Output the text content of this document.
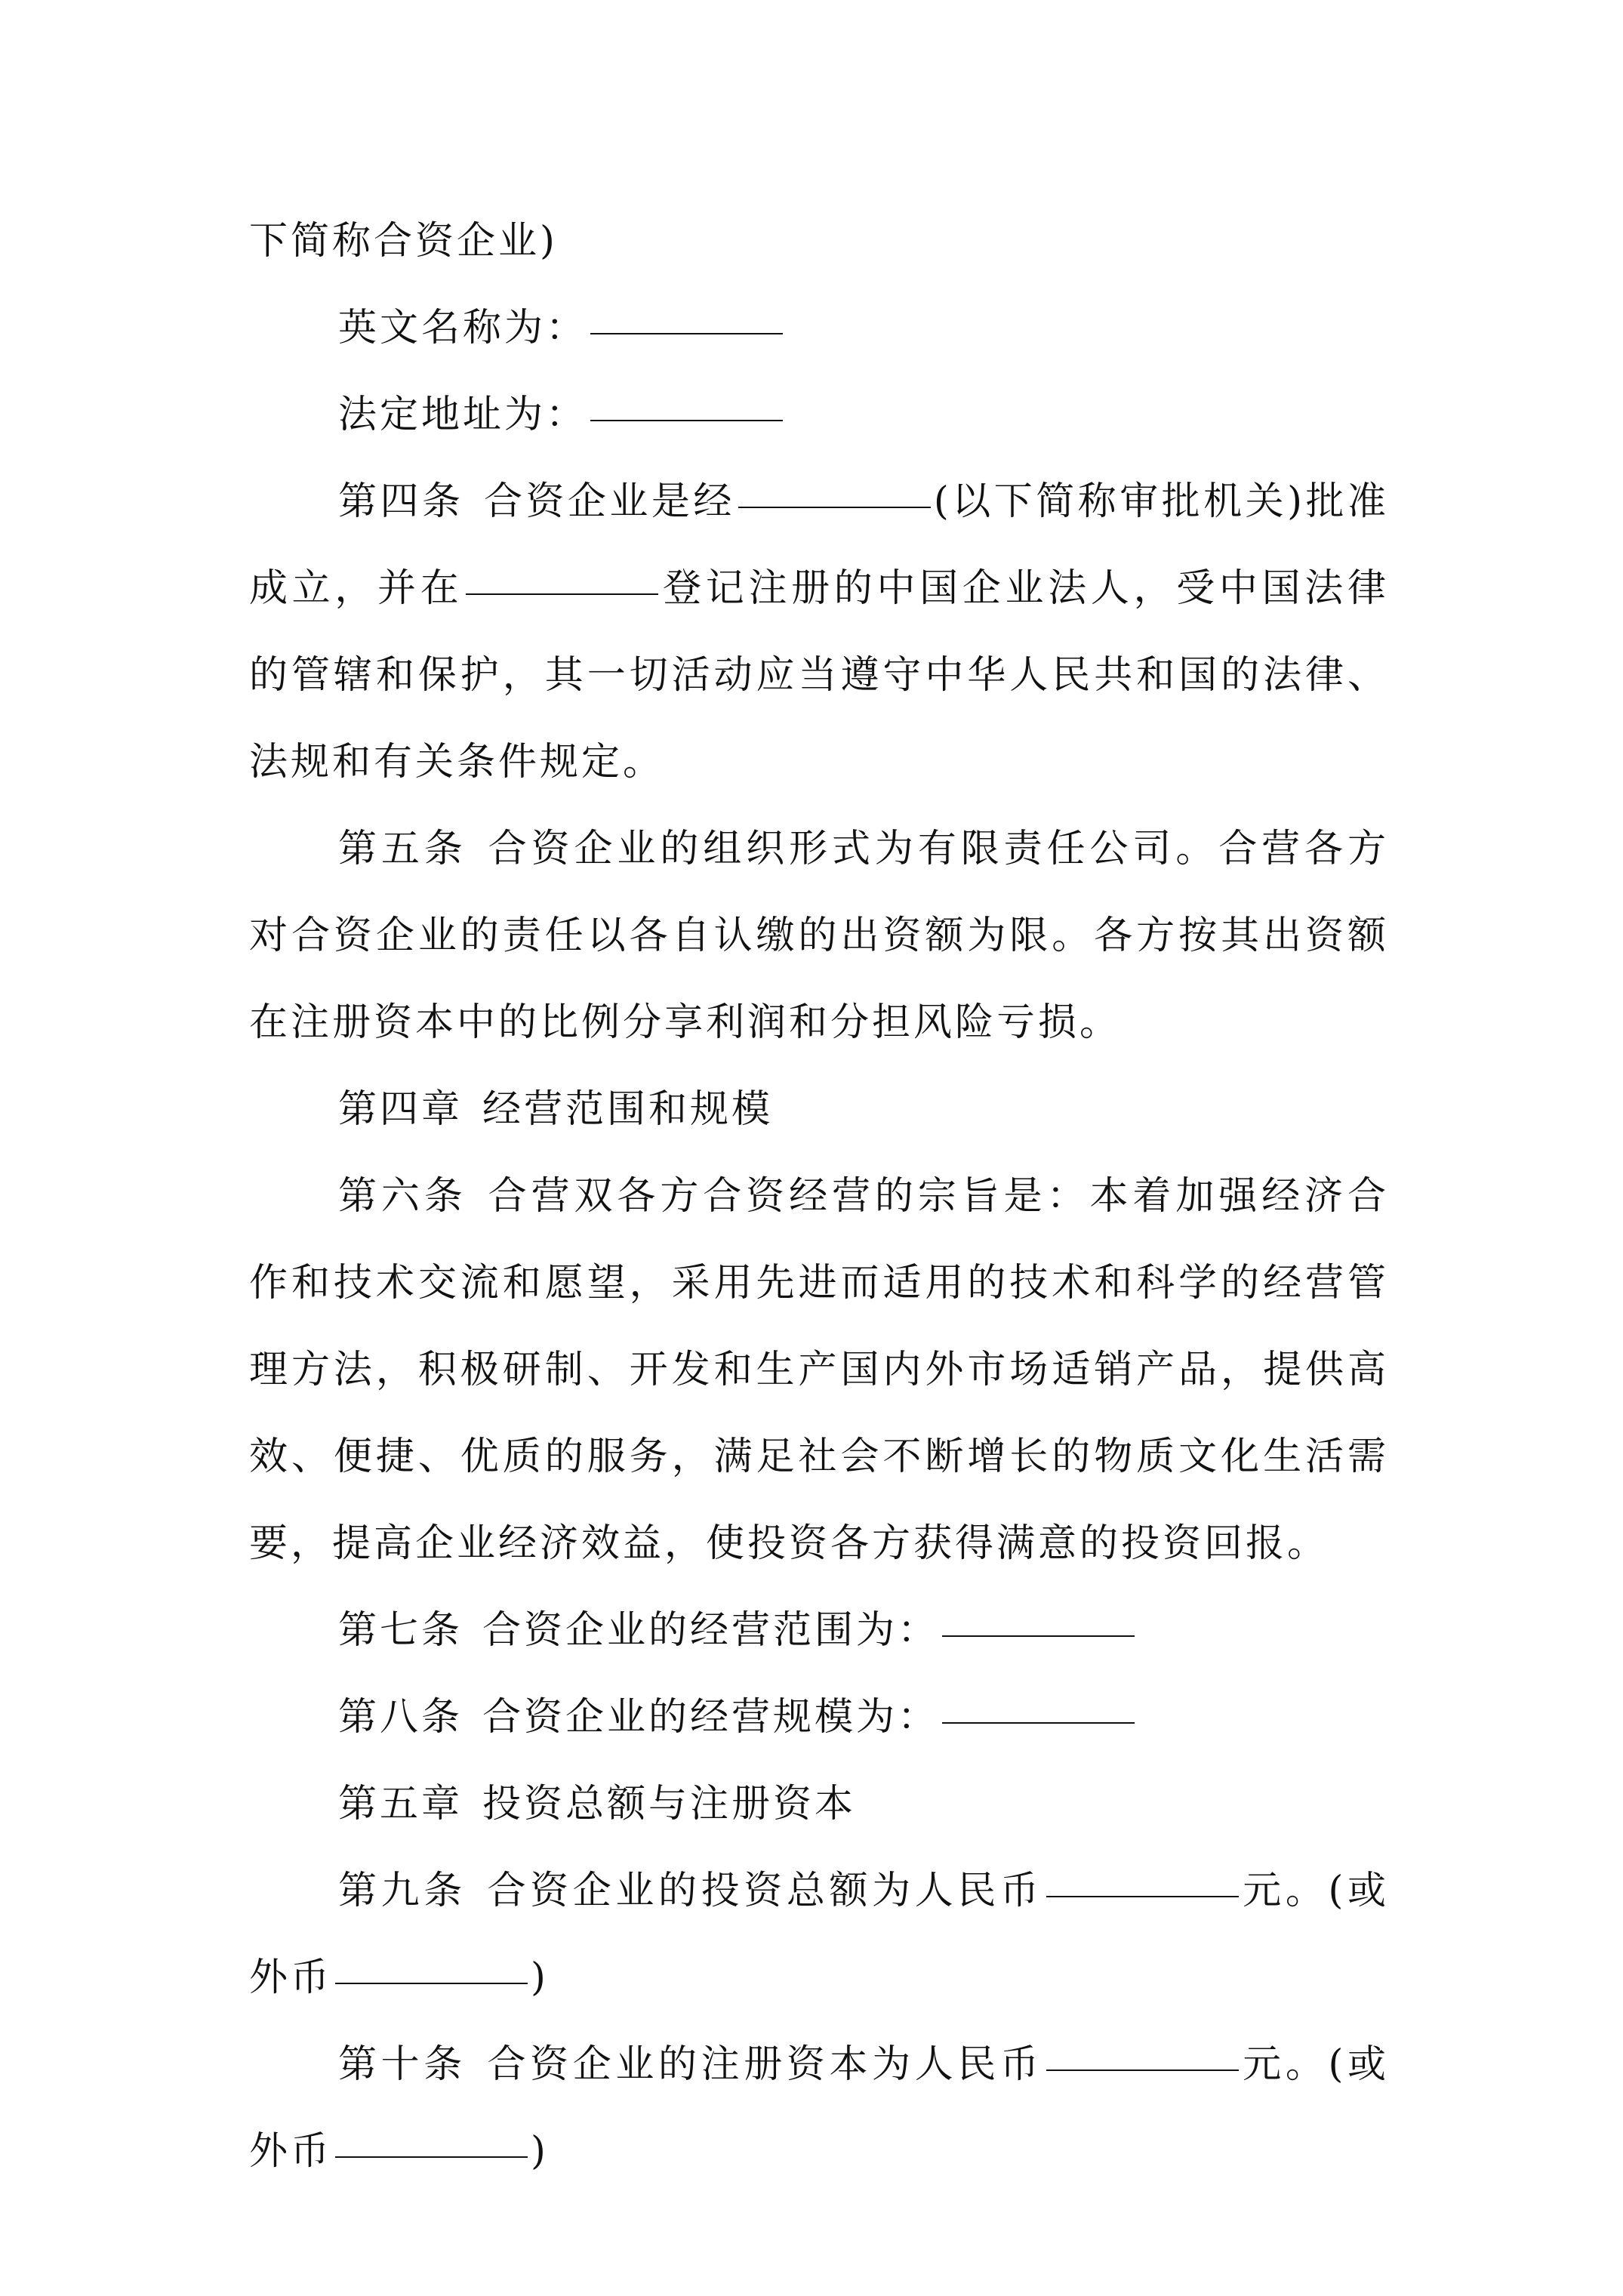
下简称合资企业)

英文名称为：

法定地址为：

第四条 合资企业是经	(以下简称审批机关)批准成立，并在	登记注册的中国企业法人，受中国法律的管辖和保护，其一切活动应当遵守中华人民共和国的法律、法规和有关条件规定。

第五条 合资企业的组织形式为有限责任公司。合营各方对合资企业的责任以各自认缴的出资额为限。各方按其出资额在注册资本中的比例分享利润和分担风险亏损。

第四章 经营范围和规模

第六条 合营双各方合资经营的宗旨是：本着加强经济合作和技术交流和愿望，采用先进而适用的技术和科学的经营管理方法，积极研制、开发和生产国内外市场适销产品，提供高效、便捷、优质的服务，满足社会不断增长的物质文化生活需要，提高企业经济效益，使投资各方获得满意的投资回报。

第七条 合资企业的经营范围为：

第八条 合资企业的经营规模为：

第五章 投资总额与注册资本

第九条 合资企业的投资总额为人民币	元。(或外币	)

第十条 合资企业的注册资本为人民币	元。(或外币	)
